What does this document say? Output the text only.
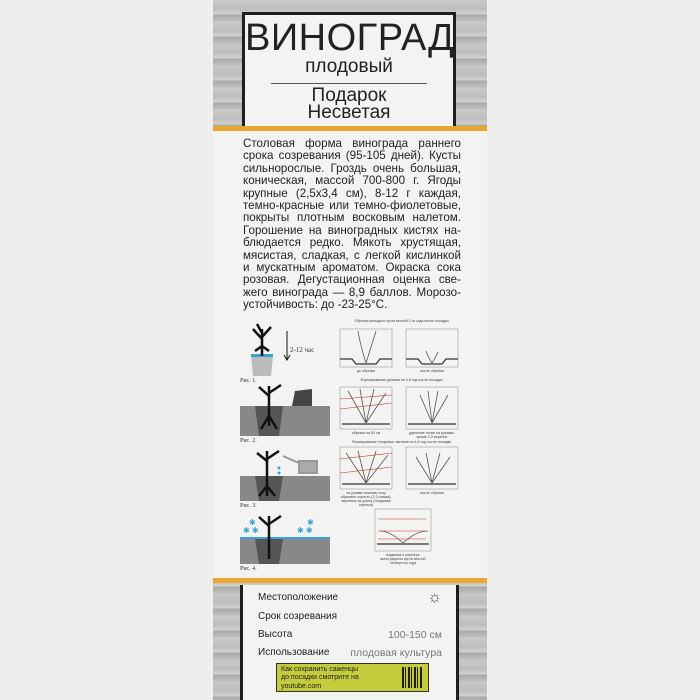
ВИНОГРАД
плодовый
Подарок
Несветая
Столовая форма винограда раннего
срока созревания (95-105 дней). Кусты
сильнорослые. Гроздь очень большая,
коническая, массой 700-800 г. Ягоды
крупные (2,5x3,4 см), 8-12 г каждая,
темно-красные или темно-фиолетовые,
покрыты плотным восковым налетом.
Горошение на виноградных кистях на-
блюдается редко. Мякоть хрустящая,
мясистая, сладкая, с легкой кислинкой
и мускатным ароматом. Окраска сока
розовая. Дегустационная оценка све-
жего винограда — 8,9 баллов. Морозо-
устойчивость: до -23-25°С.
✱ ✱	✱ ✱
✱	✱
2-12 час
Рис. 1.
Рис. 2.
Рис. 3.
Рис. 4.
Обрезка молодого куста весной 2-го года после посадки
до обрезки	после обрезки
Формирование рукавов на 3-й год после посадки
обрезка на 50 см	удаление почек на рукавах, кроме 2-3 верхних
Формирование плодовых звеньев на 4-й год после посадки
на рукаве нижнюю лозу обрезают коротко (2-3 глазка), верхнюю на длину (плодовая стрелка)
после обрезки
подвязка к шпалере виноградного куста весной четвертого года
Местоположение	☼
Срок созревания
Высота	100-150 см
Использование плодовая культура
Как сохранить саженцы
до посадки смотрите на
youtube.com
